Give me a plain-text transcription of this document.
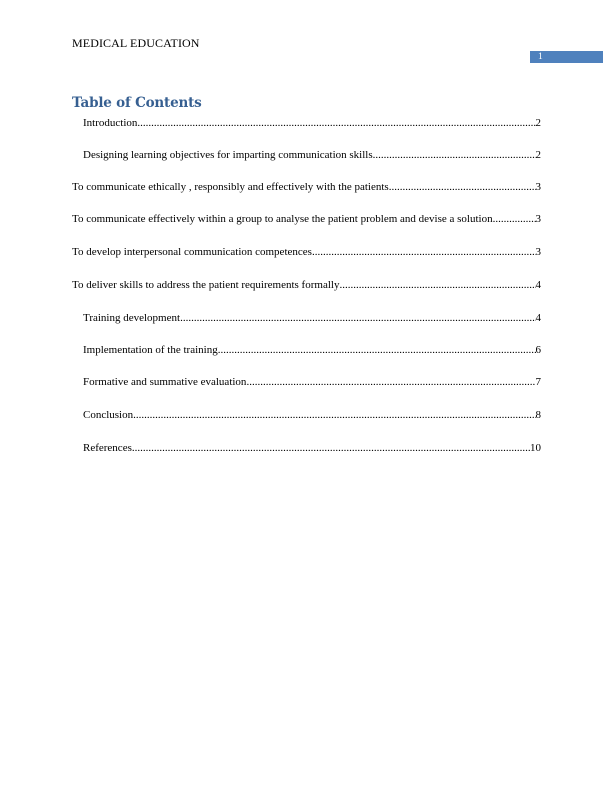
MEDICAL EDUCATION
1
Table of Contents
Introduction .....	2
Designing learning objectives for imparting communication skills .....	2
To communicate ethically , responsibly and effectively with the patients .....	3
To communicate effectively within a group to analyse the patient problem and devise a solution .....	3
To develop interpersonal communication competences .....	3
To deliver skills to address the patient requirements formally .....	4
Training development .....	4
Implementation of the training .....	6
Formative and summative evaluation .....	7
Conclusion .....	8
References .....	10
